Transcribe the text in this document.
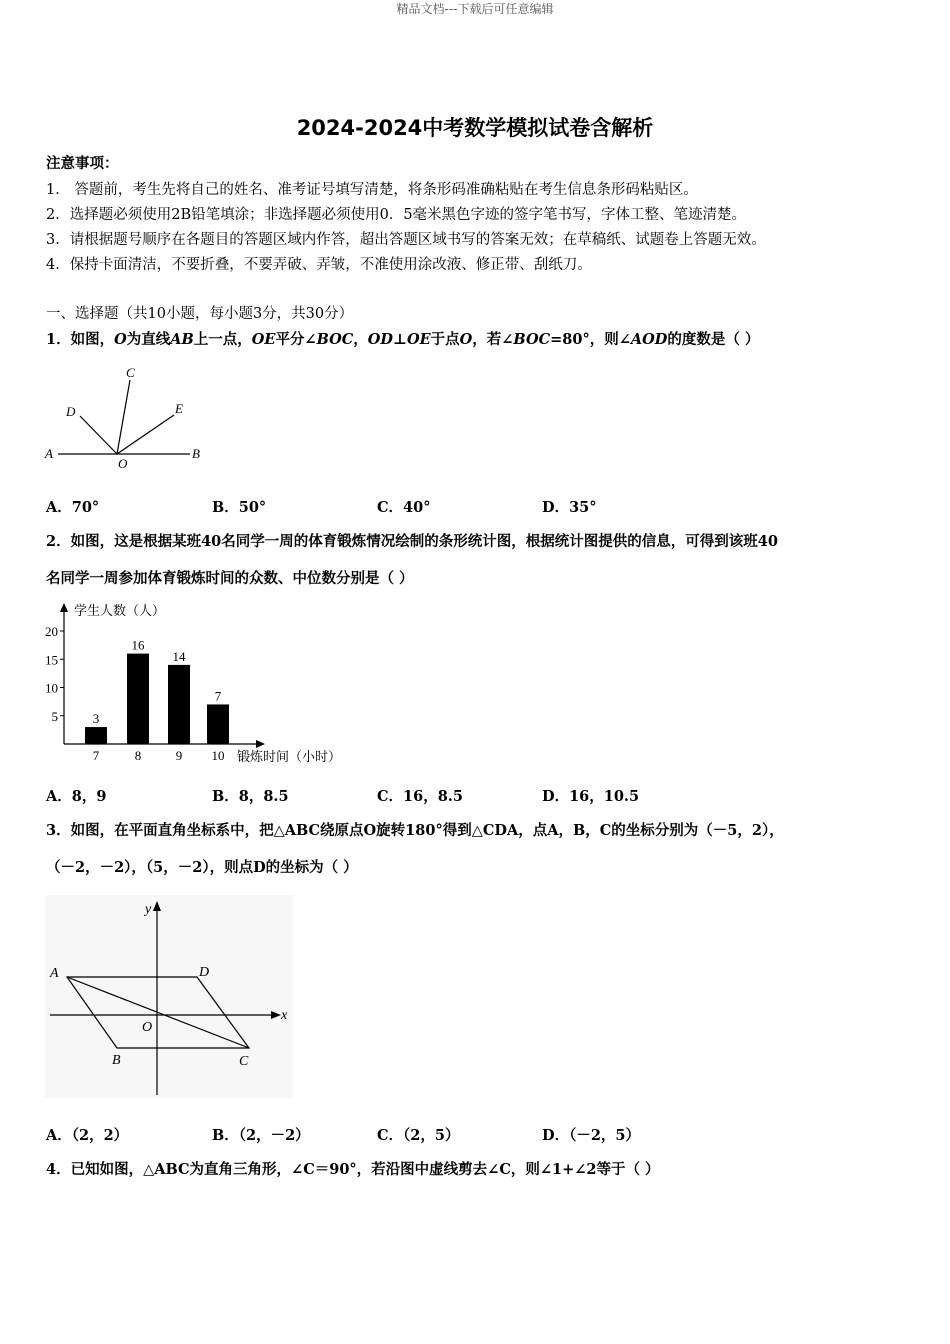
精品文档---下载后可任意编辑
2024-2024中考数学模拟试卷含解析
注意事项：
1． 答题前，考生先将自己的姓名、准考证号填写清楚，将条形码准确粘贴在考生信息条形码粘贴区。
2．选择题必须使用2B铅笔填涂；非选择题必须使用0．5毫米黑色字迹的签字笔书写，字体工整、笔迹清楚。
3．请根据题号顺序在各题目的答题区域内作答，超出答题区域书写的答案无效；在草稿纸、试题卷上答题无效。
4．保持卡面清洁，不要折叠，不要弄破、弄皱，不准使用涂改液、修正带、刮纸刀。
一、选择题（共10小题，每小题3分，共30分）
1．如图，O为直线AB上一点，OE平分∠BOC，OD⊥OE于点O，若∠BOC=80°，则∠AOD的度数是（ ）
A	B
C
D	E
O
A．70°	B．50°	C．40°	D．35°
2．如图，这是根据某班40名同学一周的体育锻炼情况绘制的条形统计图，根据统计图提供的信息，可得到该班40
名同学一周参加体育锻炼时间的众数、中位数分别是（ ）
学生人数（人）
锻炼时间（小时）
5
10
15
20
3
7
16
8
14
9
7
10
A．8，9	B．8，8.5	C．16，8.5	D．16，10.5
3．如图，在平面直角坐标系中，把△ABC绕原点O旋转180°得到△CDA，点A，B，C的坐标分别为（－5，2），
（－2，－2），（5，－2），则点D的坐标为（ ）
y
x
A	D
B	C
O
A．（2，2）	B．（2，－2）	C．（2，5）	D．（－2，5）
4．已知如图，△ABC为直角三角形，∠C＝90°，若沿图中虚线剪去∠C，则∠1+∠2等于（ ）
